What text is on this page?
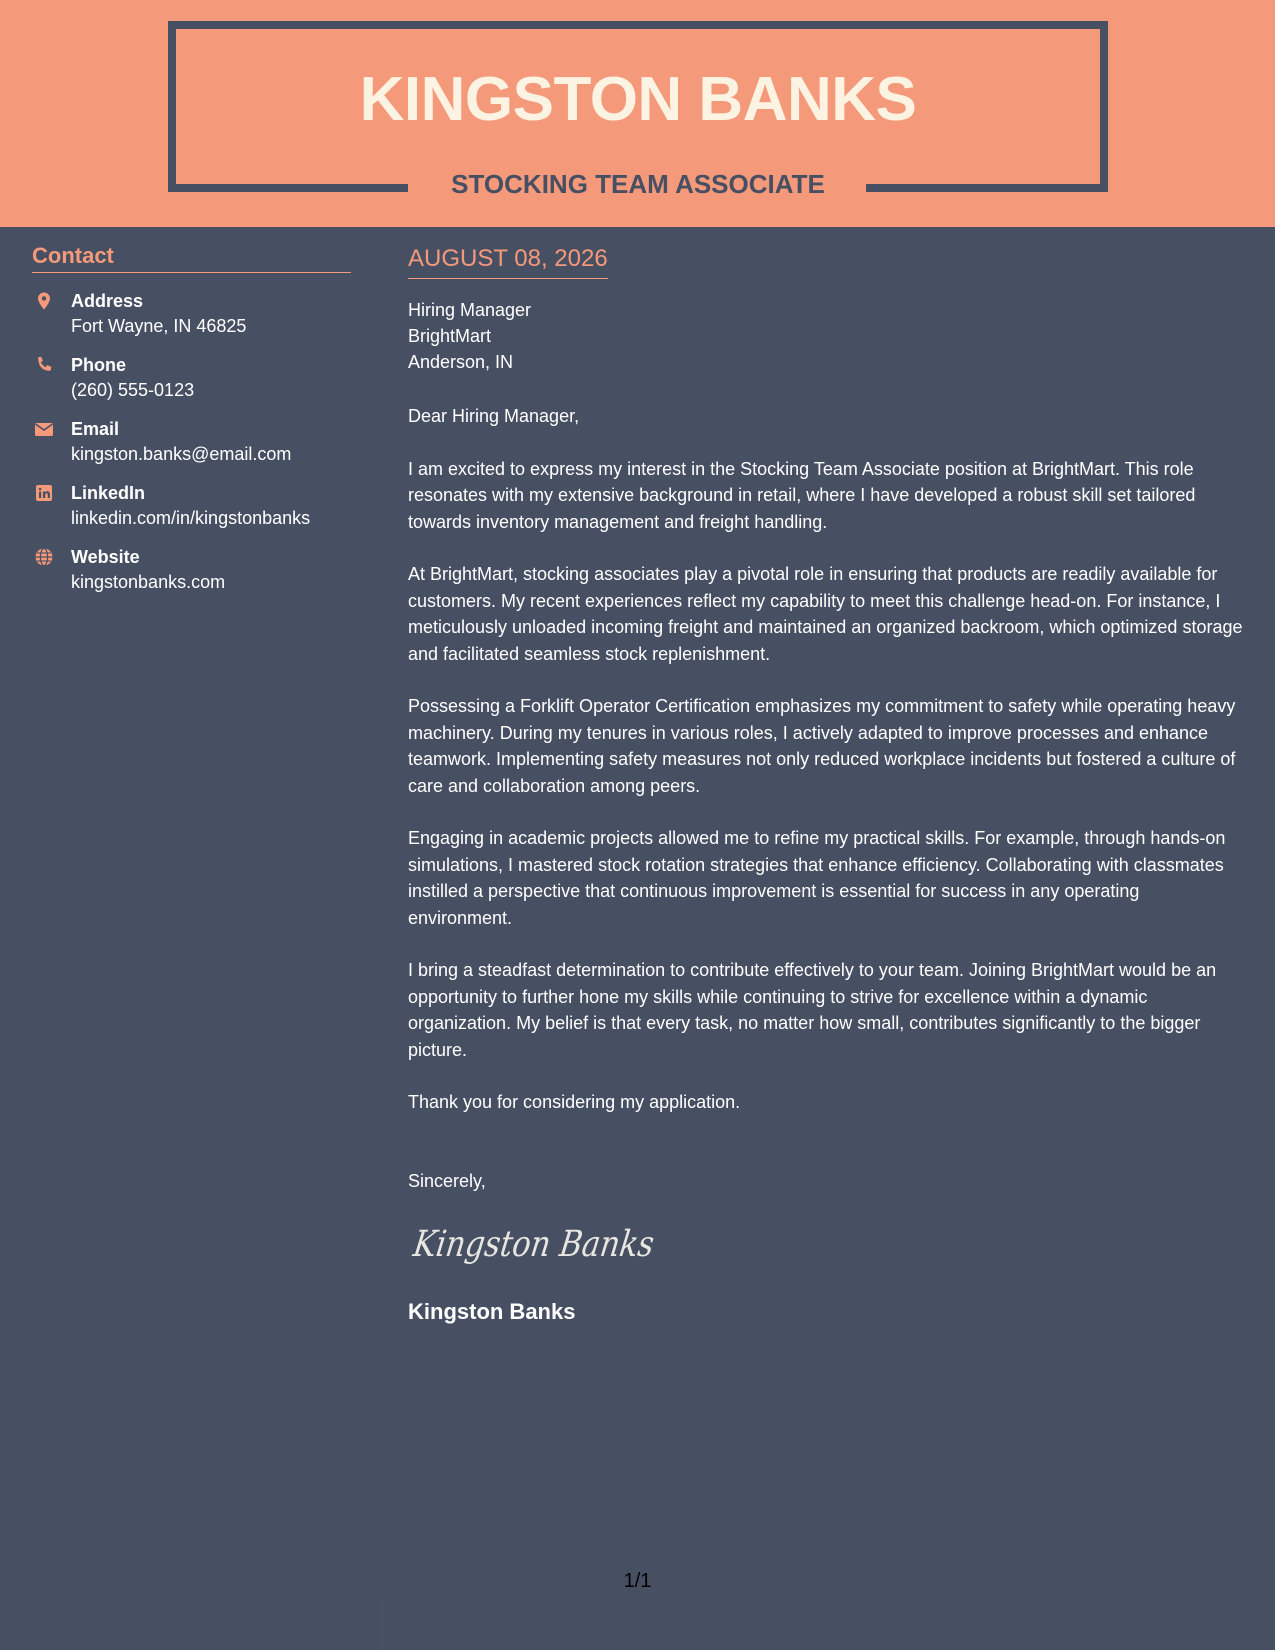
KINGSTON BANKS
STOCKING TEAM ASSOCIATE
Contact
Address
Fort Wayne, IN 46825
Phone
(260) 555-0123
Email
kingston.banks@email.com
LinkedIn
linkedin.com/in/kingstonbanks
Website
kingstonbanks.com
AUGUST 08, 2026
Hiring Manager
BrightMart
Anderson, IN

Dear Hiring Manager,

I am excited to express my interest in the Stocking Team Associate position at BrightMart. This role resonates with my extensive background in retail, where I have developed a robust skill set tailored towards inventory management and freight handling.

At BrightMart, stocking associates play a pivotal role in ensuring that products are readily available for customers. My recent experiences reflect my capability to meet this challenge head-on. For instance, I meticulously unloaded incoming freight and maintained an organized backroom, which optimized storage and facilitated seamless stock replenishment.

Possessing a Forklift Operator Certification emphasizes my commitment to safety while operating heavy machinery. During my tenures in various roles, I actively adapted to improve processes and enhance teamwork. Implementing safety measures not only reduced workplace incidents but fostered a culture of care and collaboration among peers.

Engaging in academic projects allowed me to refine my practical skills. For example, through hands-on simulations, I mastered stock rotation strategies that enhance efficiency. Collaborating with classmates instilled a perspective that continuous improvement is essential for success in any operating environment.

I bring a steadfast determination to contribute effectively to your team. Joining BrightMart would be an opportunity to further hone my skills while continuing to strive for excellence within a dynamic organization. My belief is that every task, no matter how small, contributes significantly to the bigger picture.

Thank you for considering my application.

Sincerely,

Kingston Banks
Kingston Banks
1/1
